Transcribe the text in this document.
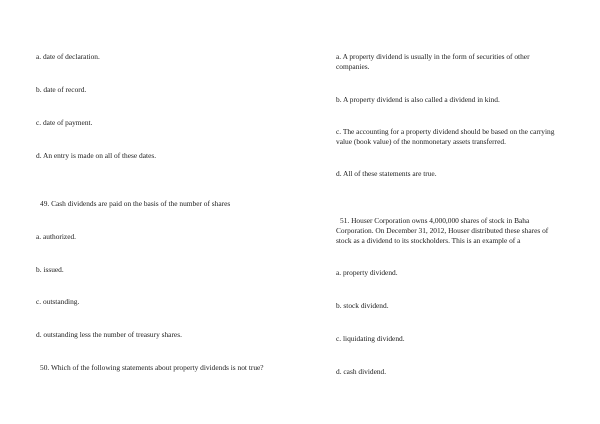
a. date of declaration.
b. date of record.
c. date of payment.
d. An entry is made on all of these dates.
49. Cash dividends are paid on the basis of the number of shares
a. authorized.
b. issued.
c. outstanding.
d. outstanding less the number of treasury shares.
50. Which of the following statements about property dividends is not true?
a. A property dividend is usually in the form of securities of other companies.
b. A property dividend is also called a dividend in kind.
c. The accounting for a property dividend should be based on the carrying value (book value) of the nonmonetary assets transferred.
d. All of these statements are true.
51. Houser Corporation owns 4,000,000 shares of stock in Baha Corporation. On December 31, 2012, Houser distributed these shares of stock as a dividend to its stockholders. This is an example of a
a. property dividend.
b. stock dividend.
c. liquidating dividend.
d. cash dividend.
